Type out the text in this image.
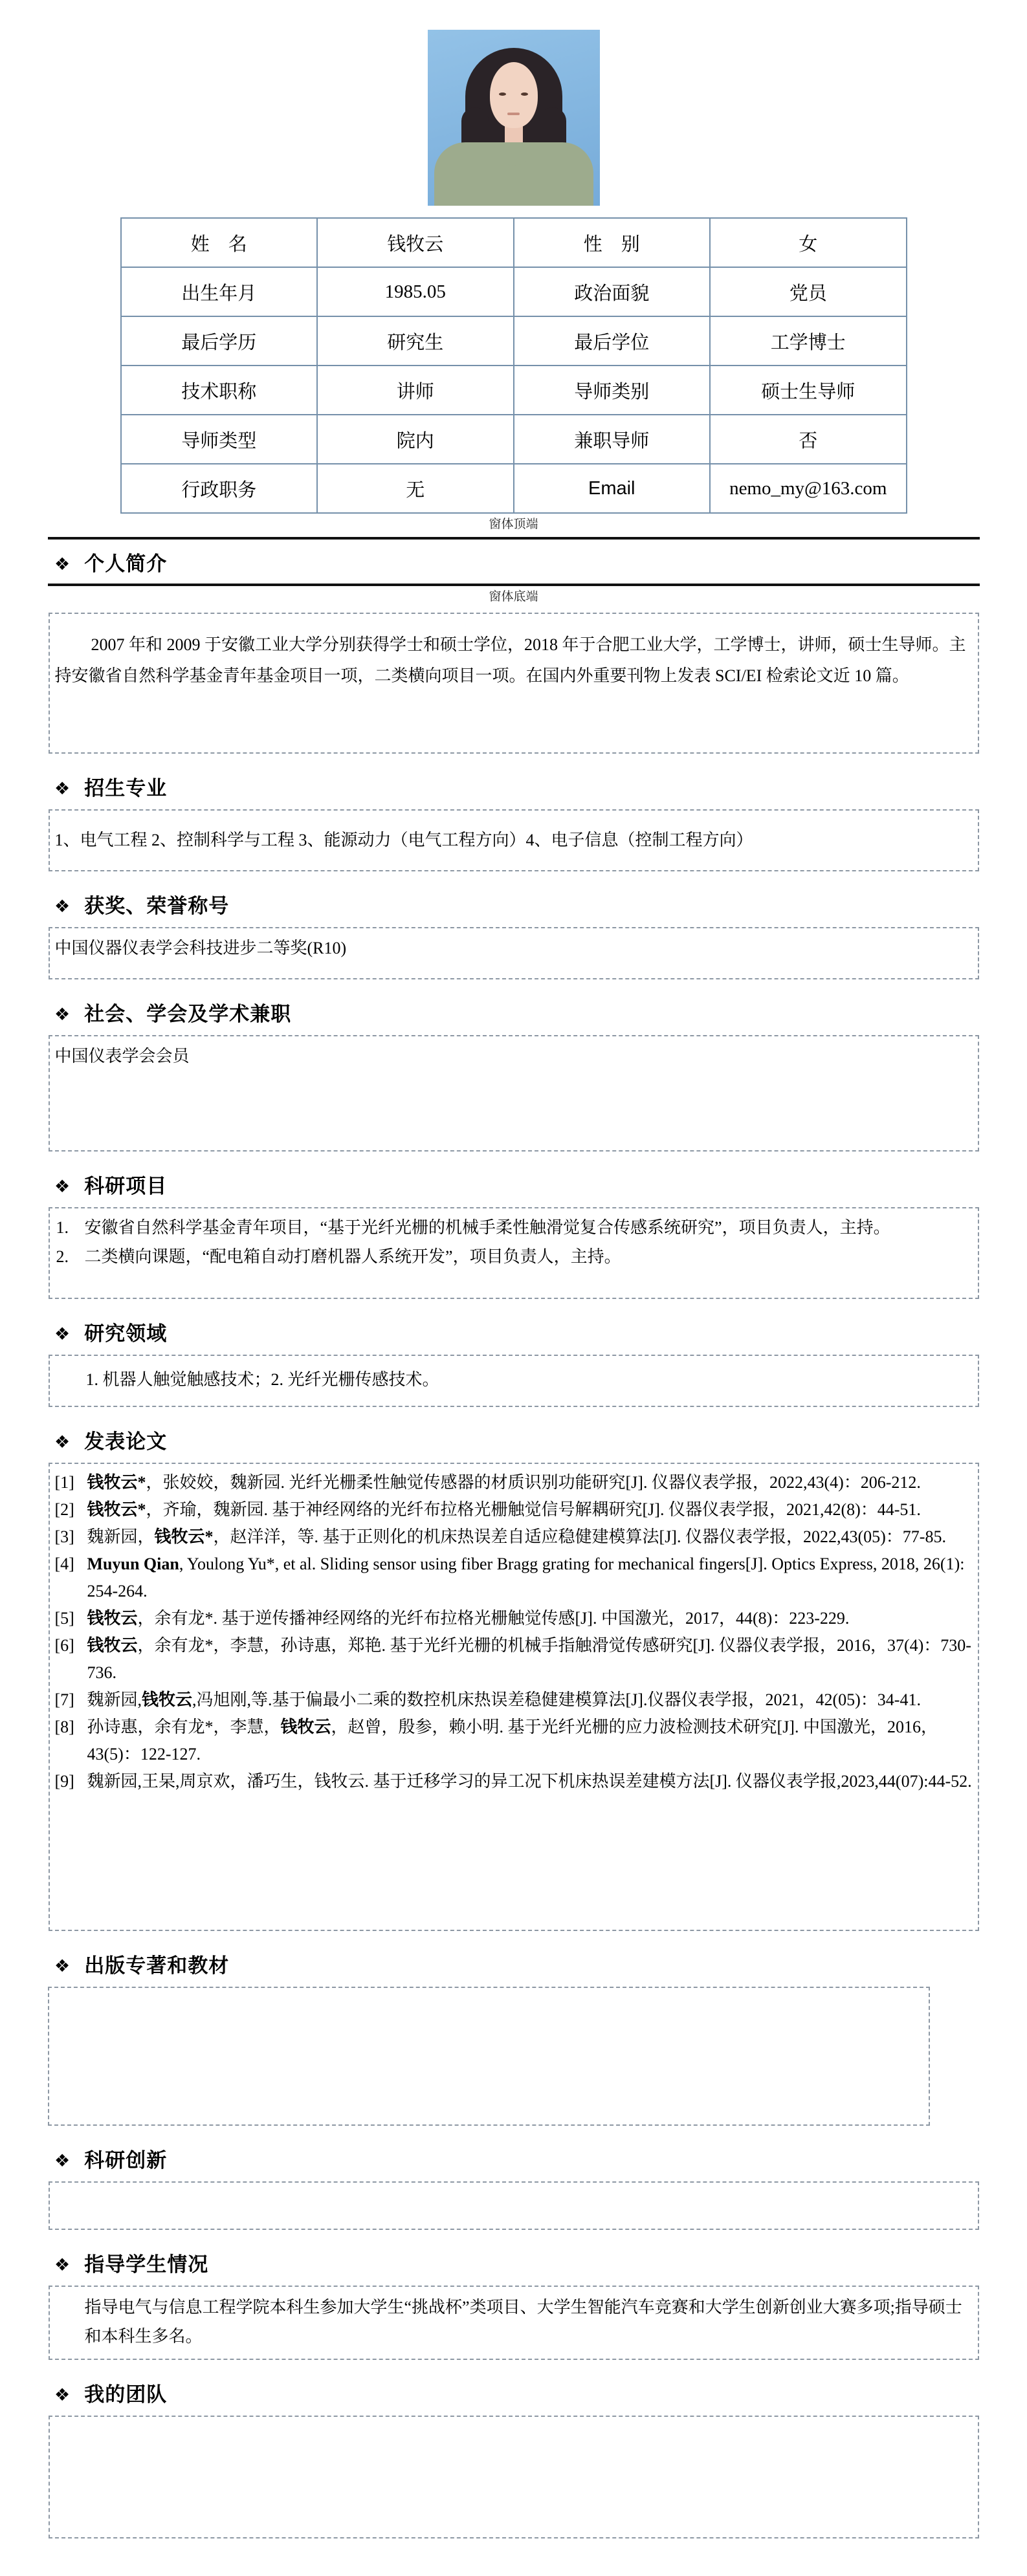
姓　名	钱牧云	性　别	女
出生年月	1985.05	政治面貌	党员
最后学历	研究生	最后学位	工学博士
技术职称	讲师	导师类别	硕士生导师
导师类型	院内	兼职导师	否
行政职务	无	Email	nemo_my@163.com
窗体顶端
❖ 个人简介
窗体底端

2007 年和 2009 于安徽工业大学分别获得学士和硕士学位，2018 年于合肥工业大学，工学博士，讲师，硕士生导师。主持安徽省自然科学基金青年基金项目一项，二类横向项目一项。在国内外重要刊物上发表 SCI/EI 检索论文近 10 篇。

❖ 招生专业
1、电气工程 2、控制科学与工程 3、能源动力（电气工程方向）4、电子信息（控制工程方向）
❖ 获奖、荣誉称号
中国仪器仪表学会科技进步二等奖(R10)
❖ 社会、学会及学术兼职
中国仪表学会会员
❖ 科研项目
1. 安徽省自然科学基金青年项目，“基于光纤光栅的机械手柔性触滑觉复合传感系统研究”，项目负责人，主持。
2. 二类横向课题，“配电箱自动打磨机器人系统开发”，项目负责人，主持。
❖ 研究领域
1. 机器人触觉触感技术；2. 光纤光栅传感技术。
❖ 发表论文
[1] 钱牧云*，张姣姣，魏新园. 光纤光栅柔性触觉传感器的材质识别功能研究[J]. 仪器仪表学报，2022,43(4)：206-212.
[2] 钱牧云*，齐瑜，魏新园. 基于神经网络的光纤布拉格光栅触觉信号解耦研究[J]. 仪器仪表学报，2021,42(8)：44-51.
[3] 魏新园，钱牧云*，赵洋洋，等. 基于正则化的机床热误差自适应稳健建模算法[J]. 仪器仪表学报，2022,43(05)：77-85.
[4] Muyun Qian, Youlong Yu*, et al. Sliding sensor using fiber Bragg grating for mechanical fingers[J]. Optics Express, 2018, 26(1): 254-264.
[5] 钱牧云，余有龙*. 基于逆传播神经网络的光纤布拉格光栅触觉传感[J]. 中国激光，2017，44(8)：223-229.
[6] 钱牧云，余有龙*，李慧，孙诗惠，郑艳. 基于光纤光栅的机械手指触滑觉传感研究[J]. 仪器仪表学报，2016，37(4)：730-736.
[7] 魏新园,钱牧云,冯旭刚,等.基于偏最小二乘的数控机床热误差稳健建模算法[J].仪器仪表学报，2021，42(05)：34-41.
[8] 孙诗惠，余有龙*，李慧，钱牧云，赵曾，殷参，赖小明. 基于光纤光栅的应力波检测技术研究[J]. 中国激光，2016，43(5)：122-127.
[9] 魏新园,王杲,周京欢，潘巧生，钱牧云. 基于迁移学习的异工况下机床热误差建模方法[J]. 仪器仪表学报,2023,44(07):44-52.
❖ 出版专著和教材
❖ 科研创新
❖ 指导学生情况
指导电气与信息工程学院本科生参加大学生“挑战杯”类项目、大学生智能汽车竞赛和大学生创新创业大赛多项;指导硕士和本科生多名。
❖ 我的团队
